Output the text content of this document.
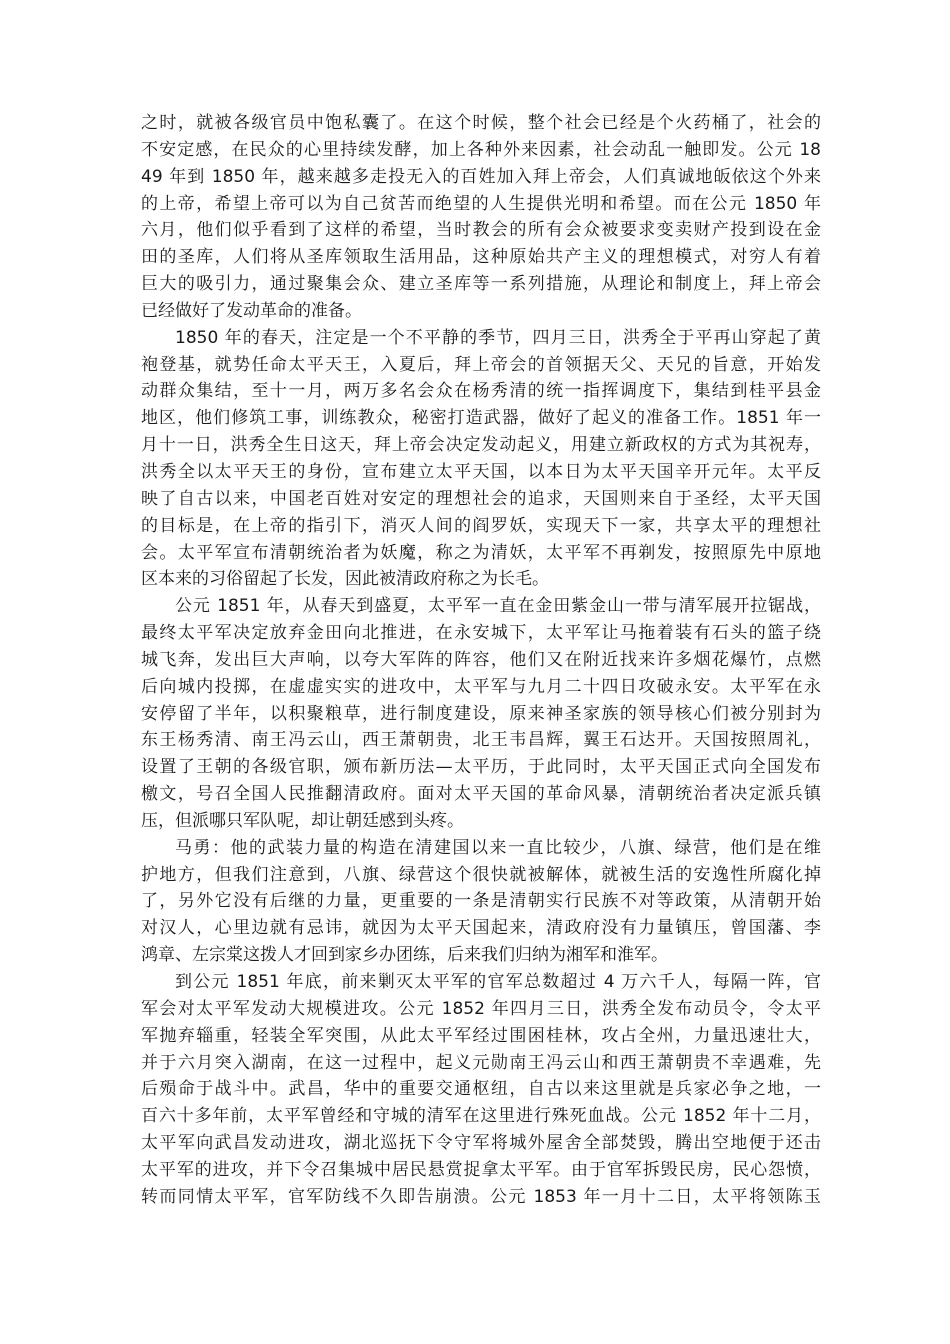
之时，就被各级官员中饱私囊了。在这个时候，整个社会已经是个火药桶了，社会的
不安定感，在民众的心里持续发酵，加上各种外来因素，社会动乱一触即发。公元 18
49 年到 1850 年，越来越多走投无入的百姓加入拜上帝会，人们真诚地皈依这个外来
的上帝，希望上帝可以为自己贫苦而绝望的人生提供光明和希望。而在公元 1850 年
六月，他们似乎看到了这样的希望，当时教会的所有会众被要求变卖财产投到设在金
田的圣库，人们将从圣库领取生活用品，这种原始共产主义的理想模式，对穷人有着
巨大的吸引力，通过聚集会众、建立圣库等一系列措施，从理论和制度上，拜上帝会
已经做好了发动革命的准备。
1850 年的春天，注定是一个不平静的季节，四月三日，洪秀全于平再山穿起了黄
袍登基，就势任命太平天王，入夏后，拜上帝会的首领据天父、天兄的旨意，开始发
动群众集结，至十一月，两万多名会众在杨秀清的统一指挥调度下，集结到桂平县金
地区，他们修筑工事，训练教众，秘密打造武器，做好了起义的准备工作。1851 年一
月十一日，洪秀全生日这天，拜上帝会决定发动起义，用建立新政权的方式为其祝寿，
洪秀全以太平天王的身份，宣布建立太平天国，以本日为太平天国辛开元年。太平反
映了自古以来，中国老百姓对安定的理想社会的追求，天国则来自于圣经，太平天国
的目标是，在上帝的指引下，消灭人间的阎罗妖，实现天下一家，共享太平的理想社
会。太平军宣布清朝统治者为妖魔，称之为清妖，太平军不再剃发，按照原先中原地
区本来的习俗留起了长发，因此被清政府称之为长毛。
公元 1851 年，从春天到盛夏，太平军一直在金田紫金山一带与清军展开拉锯战，
最终太平军决定放弃金田向北推进，在永安城下，太平军让马拖着装有石头的篮子绕
城飞奔，发出巨大声响，以夸大军阵的阵容，他们又在附近找来许多烟花爆竹，点燃
后向城内投掷，在虚虚实实的进攻中，太平军与九月二十四日攻破永安。太平军在永
安停留了半年，以积聚粮草，进行制度建设，原来神圣家族的领导核心们被分别封为
东王杨秀清、南王冯云山，西王萧朝贵，北王韦昌辉，翼王石达开。天国按照周礼，
设置了王朝的各级官职，颁布新历法—太平历，于此同时，太平天国正式向全国发布
檄文，号召全国人民推翻清政府。面对太平天国的革命风暴，清朝统治者决定派兵镇
压，但派哪只军队呢，却让朝廷感到头疼。
马勇：他的武装力量的构造在清建国以来一直比较少，八旗、绿营，他们是在维
护地方，但我们注意到，八旗、绿营这个很快就被解体，就被生活的安逸性所腐化掉
了，另外它没有后继的力量，更重要的一条是清朝实行民族不对等政策，从清朝开始
对汉人，心里边就有忌讳，就因为太平天国起来，清政府没有力量镇压，曾国藩、李
鸿章、左宗棠这拨人才回到家乡办团练，后来我们归纳为湘军和淮军。
到公元 1851 年底，前来剿灭太平军的官军总数超过 4 万六千人，每隔一阵，官
军会对太平军发动大规模进攻。公元 1852 年四月三日，洪秀全发布动员令，令太平
军抛弃辎重，轻装全军突围，从此太平军经过围困桂林，攻占全州，力量迅速壮大，
并于六月突入湖南，在这一过程中，起义元勋南王冯云山和西王萧朝贵不幸遇难，先
后殒命于战斗中。武昌，华中的重要交通枢纽，自古以来这里就是兵家必争之地，一
百六十多年前，太平军曾经和守城的清军在这里进行殊死血战。公元 1852 年十二月，
太平军向武昌发动进攻，湖北巡抚下令守军将城外屋舍全部焚毁，腾出空地便于还击
太平军的进攻，并下令召集城中居民悬赏捉拿太平军。由于官军拆毁民房，民心怨愤，
转而同情太平军，官军防线不久即告崩溃。公元 1853 年一月十二日，太平将领陈玉
